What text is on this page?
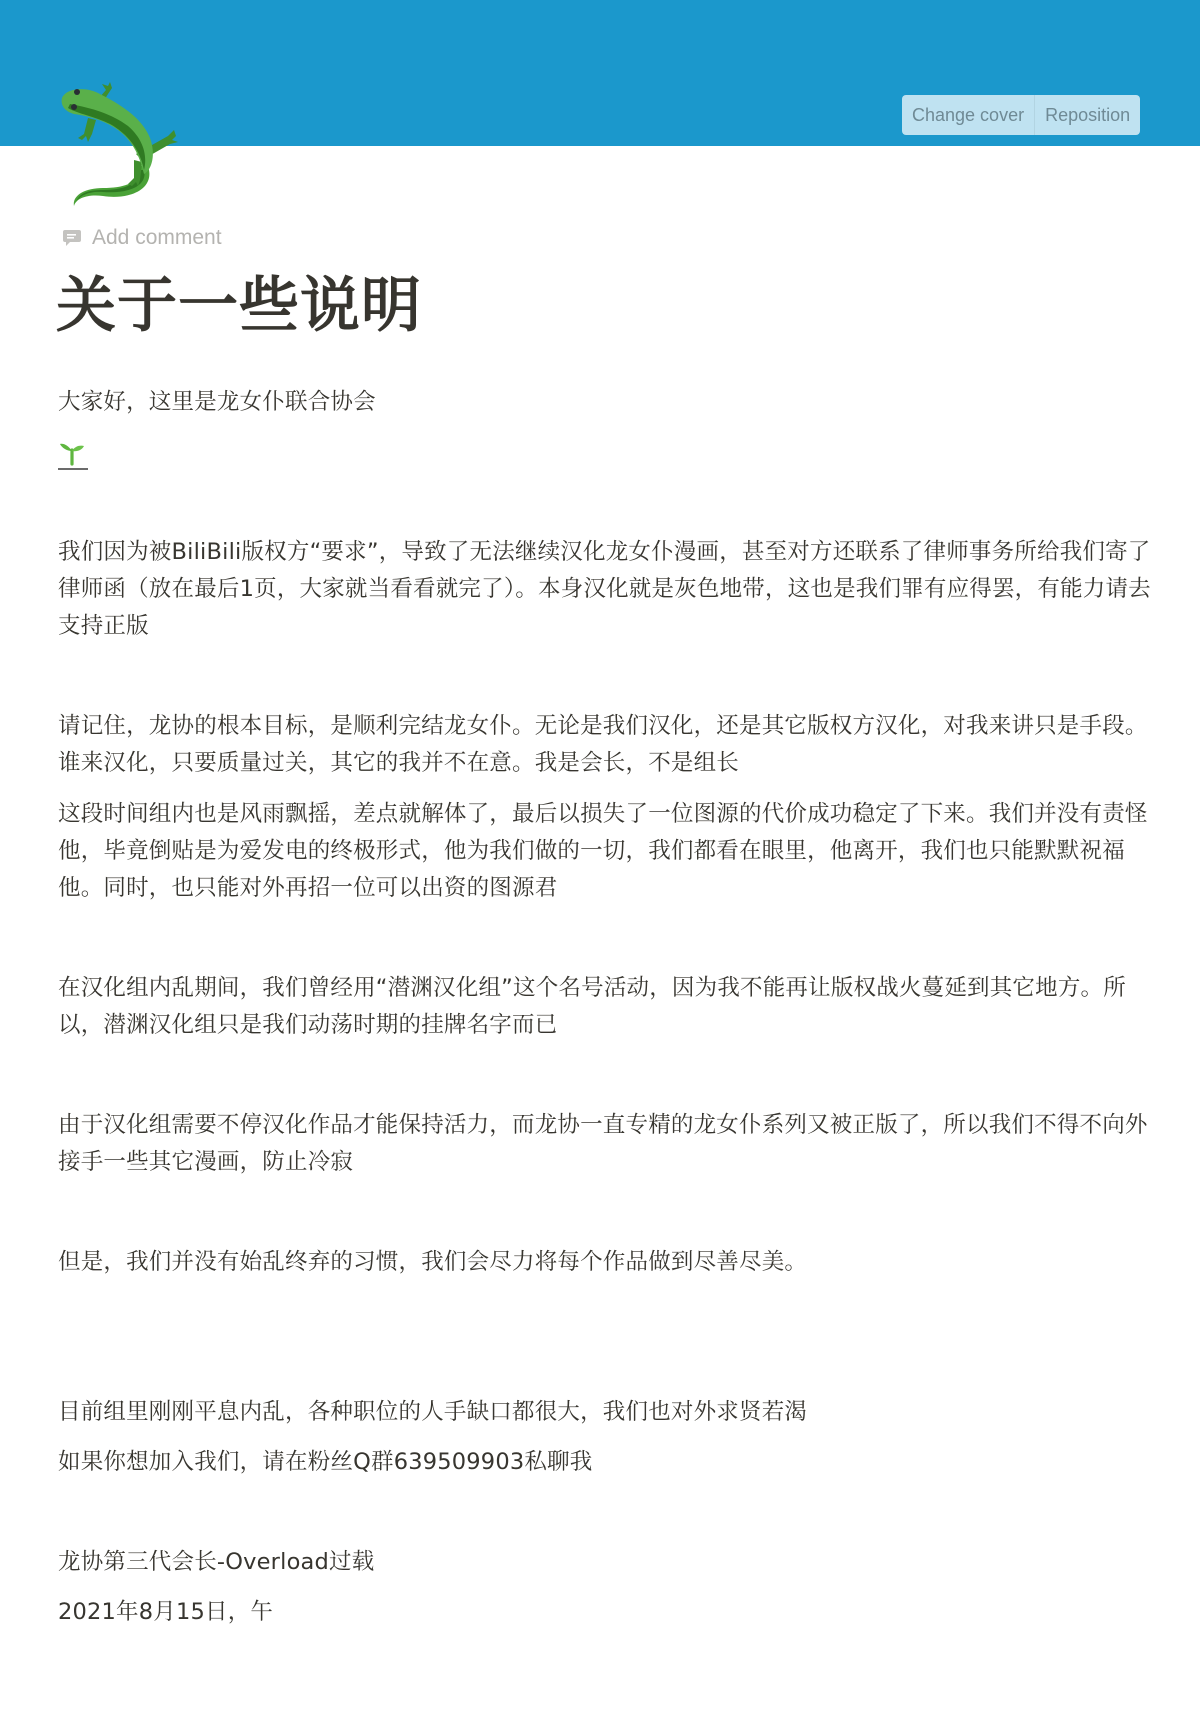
Change cover	Reposition
Add comment
关于一些说明
大家好，这里是龙女仆联合协会

我们因为被BiliBili版权方“要求”，导致了无法继续汉化龙女仆漫画，甚至对方还联系了律师事务所给我们寄了律师函（放在最后1页，大家就当看看就完了）。本身汉化就是灰色地带，这也是我们罪有应得罢，有能力请去支持正版

请记住，龙协的根本目标，是顺利完结龙女仆。无论是我们汉化，还是其它版权方汉化，对我来讲只是手段。谁来汉化，只要质量过关，其它的我并不在意。我是会长，不是组长

这段时间组内也是风雨飘摇，差点就解体了，最后以损失了一位图源的代价成功稳定了下来。我们并没有责怪他，毕竟倒贴是为爱发电的终极形式，他为我们做的一切，我们都看在眼里，他离开，我们也只能默默祝福他。同时，也只能对外再招一位可以出资的图源君

在汉化组内乱期间，我们曾经用“潜渊汉化组”这个名号活动，因为我不能再让版权战火蔓延到其它地方。所以，潜渊汉化组只是我们动荡时期的挂牌名字而已

由于汉化组需要不停汉化作品才能保持活力，而龙协一直专精的龙女仆系列又被正版了，所以我们不得不向外接手一些其它漫画，防止冷寂

但是，我们并没有始乱终弃的习惯，我们会尽力将每个作品做到尽善尽美。

目前组里刚刚平息内乱，各种职位的人手缺口都很大，我们也对外求贤若渴

如果你想加入我们，请在粉丝Q群639509903私聊我

龙协第三代会长-Overload过载

2021年8月15日，午
